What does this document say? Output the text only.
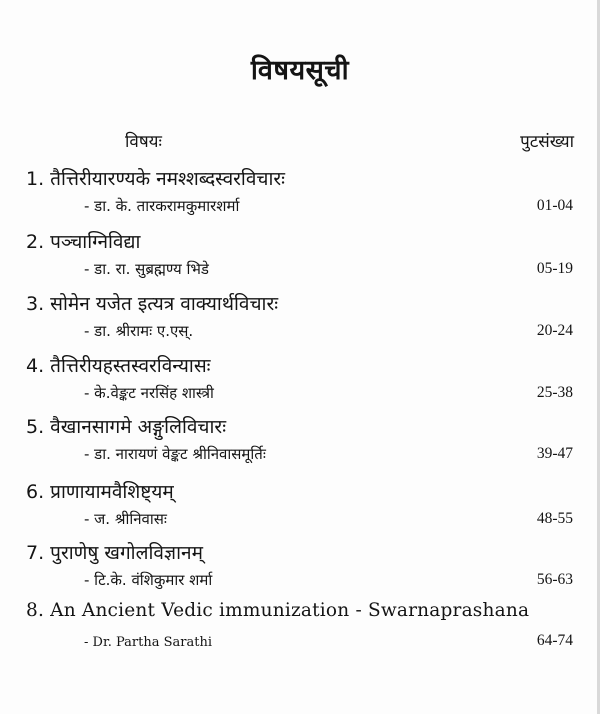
विषयसूची
विषयः	पुटसंख्या
1. तैत्तिरीयारण्यके नमश्शब्दस्वरविचारः
- डा. के. तारकरामकुमारशर्मा	01-04
2. पञ्चाग्निविद्या
- डा. रा. सुब्रह्मण्य भिडे	05-19
3. सोमेन यजेत इत्यत्र वाक्यार्थविचारः
- डा. श्रीरामः ए.एस्.	20-24
4. तैत्तिरीयहस्तस्वरविन्यासः
- के.वेङ्कट नरसिंह शास्त्री	25-38
5. वैखानसागमे अङ्गुलिविचारः
- डा. नारायणं वेङ्कट श्रीनिवासमूर्तिः	39-47
6. प्राणायामवैशिष्ट्यम्
- ज. श्रीनिवासः	48-55
7. पुराणेषु खगोलविज्ञानम्
- टि.के. वंशिकुमार शर्मा	56-63
8. An Ancient Vedic immunization - Swarnaprashana
- Dr. Partha Sarathi	64-74
